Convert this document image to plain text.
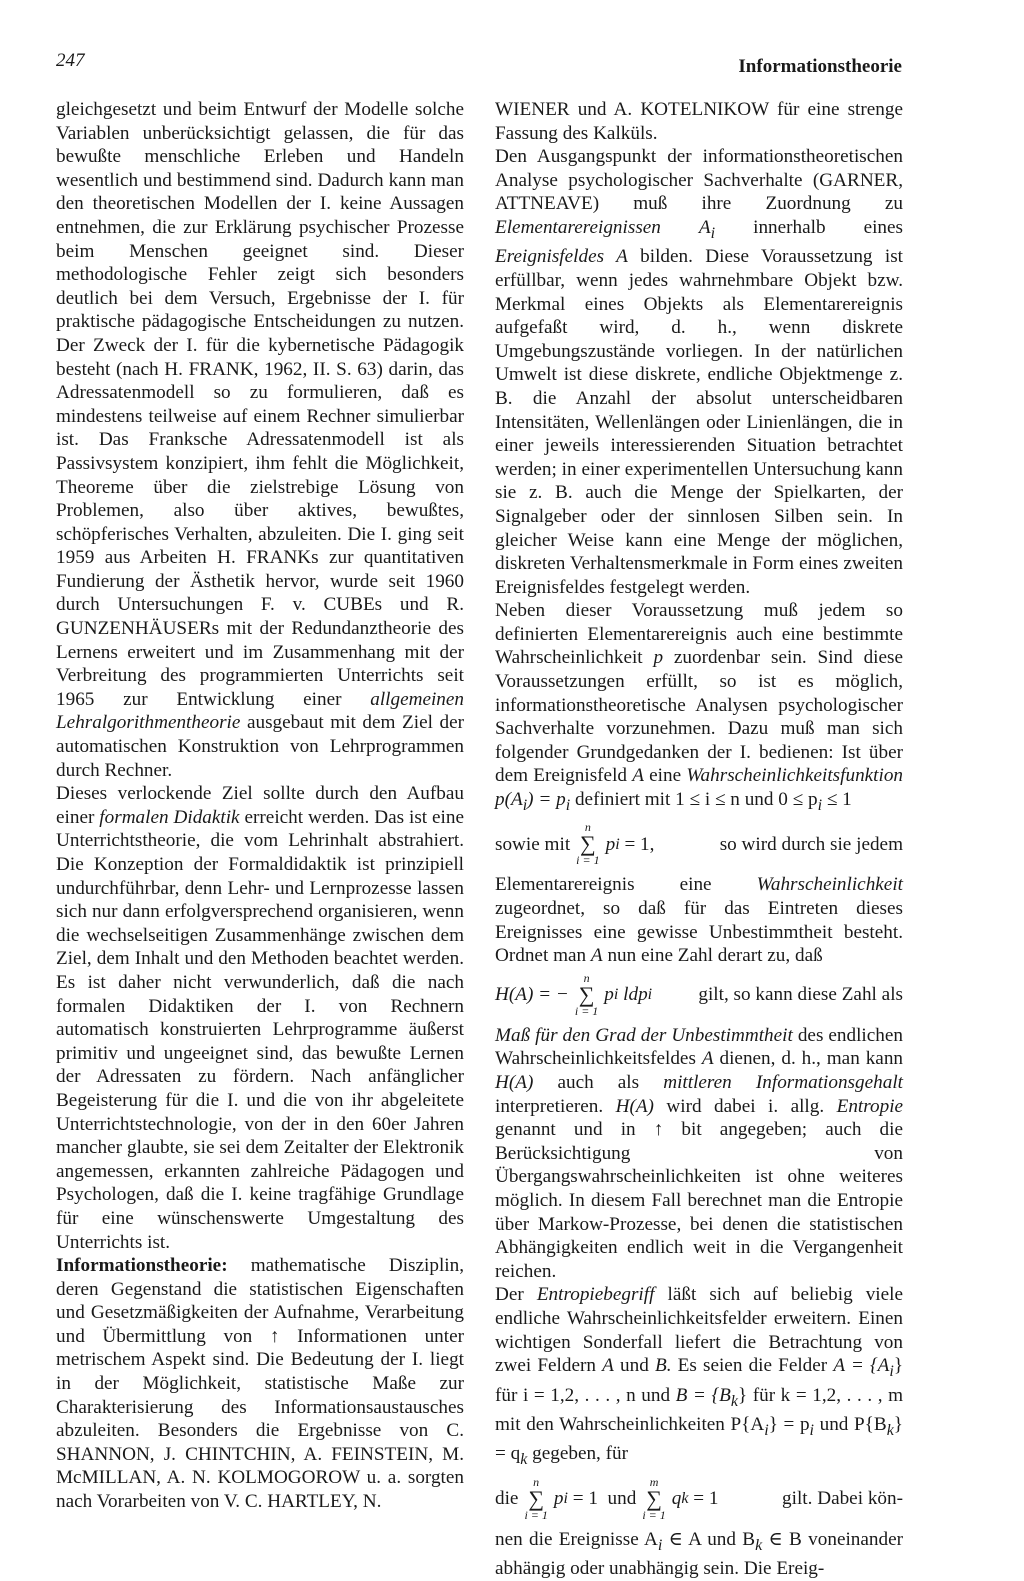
247	Informationstheorie

gleichgesetzt und beim Entwurf der Modelle solche Variablen unberücksichtigt gelassen, die für das bewußte menschliche Erleben und Handeln wesentlich und bestimmend sind. Dadurch kann man den theoretischen Modellen der I. keine Aussagen entnehmen, die zur Erklärung psychischer Prozesse beim Menschen geeignet sind. Dieser methodologische Fehler zeigt sich besonders deutlich bei dem Versuch, Ergebnisse der I. für praktische pädagogische Entscheidungen zu nutzen. Der Zweck der I. für die kybernetische Pädagogik besteht (nach H. FRANK, 1962, II. S. 63) darin, das Adressatenmodell so zu formulieren, daß es mindestens teilweise auf einem Rechner simulierbar ist. Das Franksche Adressatenmodell ist als Passivsystem konzipiert, ihm fehlt die Möglichkeit, Theoreme über die zielstrebige Lösung von Problemen, also über aktives, bewußtes, schöpferisches Verhalten, abzuleiten. Die I. ging seit 1959 aus Arbeiten H. FRANKs zur quantitativen Fundierung der Ästhetik hervor, wurde seit 1960 durch Untersuchungen F. v. CUBEs und R. GUNZENHÄUSERs mit der Redundanztheorie des Lernens erweitert und im Zusammenhang mit der Verbreitung des programmierten Unterrichts seit 1965 zur Entwicklung einer allgemeinen Lehralgorithmentheorie ausgebaut mit dem Ziel der automatischen Konstruktion von Lehrprogrammen durch Rechner.

Dieses verlockende Ziel sollte durch den Aufbau einer formalen Didaktik erreicht werden. Das ist eine Unterrichtstheorie, die vom Lehrinhalt abstrahiert. Die Konzeption der Formaldidaktik ist prinzipiell undurchführbar, denn Lehr- und Lernprozesse lassen sich nur dann erfolgversprechend organisieren, wenn die wechselseitigen Zusammenhänge zwischen dem Ziel, dem Inhalt und den Methoden beachtet werden. Es ist daher nicht verwunderlich, daß die nach formalen Didaktiken der I. von Rechnern automatisch konstruierten Lehrprogramme äußerst primitiv und ungeeignet sind, das bewußte Lernen der Adressaten zu fördern. Nach anfänglicher Begeisterung für die I. und die von ihr abgeleitete Unterrichtstechnologie, von der in den 60er Jahren mancher glaubte, sie sei dem Zeitalter der Elektronik angemessen, erkannten zahlreiche Pädagogen und Psychologen, daß die I. keine tragfähige Grundlage für eine wünschenswerte Umgestaltung des Unterrichts ist.

Informationstheorie: mathematische Disziplin, deren Gegenstand die statistischen Eigenschaften und Gesetzmäßigkeiten der Aufnahme, Verarbeitung und Übermittlung von ↑ Informationen unter metrischem Aspekt sind. Die Bedeutung der I. liegt in der Möglichkeit, statistische Maße zur Charakterisierung des Informationsaustausches abzuleiten. Besonders die Ergebnisse von C. SHANNON, J. CHINTCHIN, A. FEINSTEIN, M. McMILLAN, A. N. KOLMOGOROW u. a. sorgten nach Vorarbeiten von V. C. HARTLEY, N.

WIENER und A. KOTELNIKOW für eine strenge Fassung des Kalküls.

Den Ausgangspunkt der informationstheoretischen Analyse psychologischer Sachverhalte (GARNER, ATTNEAVE) muß ihre Zuordnung zu Elementarereignissen $A_i$ innerhalb eines Ereignisfeldes A bilden. Diese Voraussetzung ist erfüllbar, wenn jedes wahrnehmbare Objekt bzw. Merkmal eines Objekts als Elementarereignis aufgefaßt wird, d. h., wenn diskrete Umgebungszustände vorliegen. In der natürlichen Umwelt ist diese diskrete, endliche Objektmenge z. B. die Anzahl der absolut unterscheidbaren Intensitäten, Wellenlängen oder Linienlängen, die in einer jeweils interessierenden Situation betrachtet werden; in einer experimentellen Untersuchung kann sie z. B. auch die Menge der Spielkarten, der Signalgeber oder der sinnlosen Silben sein. In gleicher Weise kann eine Menge der möglichen, diskreten Verhaltensmerkmale in Form eines zweiten Ereignisfeldes festgelegt werden.

Neben dieser Voraussetzung muß jedem so definierten Elementarereignis auch eine bestimmte Wahrscheinlichkeit p zuordenbar sein. Sind diese Voraussetzungen erfüllt, so ist es möglich, informationstheoretische Analysen psychologischer Sachverhalte vorzunehmen. Dazu muß man sich folgender Grundgedanken der I. bedienen: Ist über dem Ereignisfeld A eine Wahrscheinlichkeitsfunktion $p(A_i) = p_i$ definiert mit 1 ≤ i ≤ n und $0 \le p_i \le 1$

sowie mit
n
∑
i = 1
p i
= 1,	so wird durch sie jedem

Elementarereignis eine Wahrscheinlichkeit zugeordnet, so daß für das Eintreten dieses Ereignisses eine gewisse Unbestimmtheit besteht. Ordnet man A nun eine Zahl derart zu, daß

H(A) = −
n
∑
i = 1
p i
ldp i gilt, so kann diese Zahl als

Maß für den Grad der Unbestimmtheit des endlichen Wahrscheinlichkeitsfeldes A dienen, d. h., man kann H(A) auch als mittleren Informationsgehalt interpretieren. H(A) wird dabei i. allg. Entropie genannt und in ↑ bit angegeben; auch die Berücksichtigung von Übergangswahrscheinlichkeiten ist ohne weiteres möglich. In diesem Fall berechnet man die Entropie über Markow-Prozesse, bei denen die statistischen Abhängigkeiten endlich weit in die Vergangenheit reichen.

Der Entropiebegriff läßt sich auf beliebig viele endliche Wahrscheinlichkeitsfelder erweitern. Einen wichtigen Sonderfall liefert die Betrachtung von zwei Feldern A und B. Es seien die Felder $A = \{A_i\}$ für i = 1,2, . . . , n und $B = \{B_k\}$ für k = 1,2, . . . , m mit den Wahrscheinlichkeiten $P\{A_i\} = p_i$ und $P\{B_k\} = q_k$ gegeben, für

die
n
∑
i = 1
p i
= 1
und
m
∑
i = 1
q k
= 1	gilt. Dabei kön-

nen die Ereignisse $A_i$ ∈ A und $B_k$ ∈ B voneinander abhängig oder unabhängig sein. Die Ereig-
